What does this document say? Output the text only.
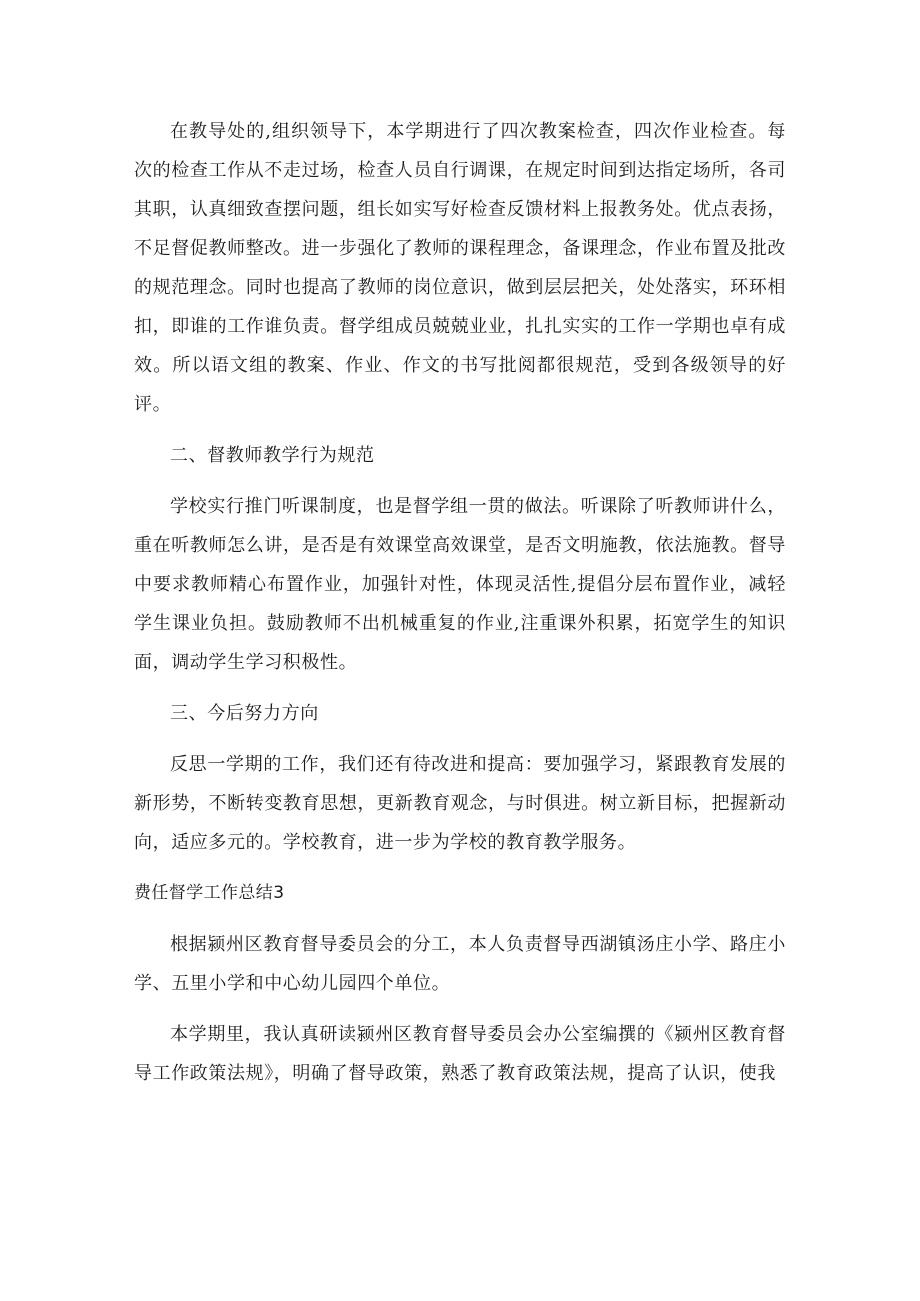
在教导处的,组织领导下，本学期进行了四次教案检查，四次作业检查。每次的检查工作从不走过场，检查人员自行调课，在规定时间到达指定场所，各司其职，认真细致查摆问题，组长如实写好检查反馈材料上报教务处。优点表扬，不足督促教师整改。进一步强化了教师的课程理念，备课理念，作业布置及批改的规范理念。同时也提高了教师的岗位意识，做到层层把关，处处落实，环环相扣，即谁的工作谁负责。督学组成员兢兢业业，扎扎实实的工作一学期也卓有成效。所以语文组的教案、作业、作文的书写批阅都很规范，受到各级领导的好评。

二、督教师教学行为规范

学校实行推门听课制度，也是督学组一贯的做法。听课除了听教师讲什么，重在听教师怎么讲，是否是有效课堂高效课堂，是否文明施教，依法施教。督导中要求教师精心布置作业，加强针对性，体现灵活性,提倡分层布置作业，减轻学生课业负担。鼓励教师不出机械重复的作业,注重课外积累，拓宽学生的知识面，调动学生学习积极性。

三、今后努力方向

反思一学期的工作，我们还有待改进和提高：要加强学习，紧跟教育发展的新形势，不断转变教育思想，更新教育观念，与时俱进。树立新目标，把握新动向，适应多元的。学校教育，进一步为学校的教育教学服务。

费任督学工作总结3

根据颍州区教育督导委员会的分工，本人负责督导西湖镇汤庄小学、路庄小学、五里小学和中心幼儿园四个单位。

本学期里，我认真研读颍州区教育督导委员会办公室编撰的《颍州区教育督导工作政策法规》，明确了督导政策，熟悉了教育政策法规，提高了认识，使我
